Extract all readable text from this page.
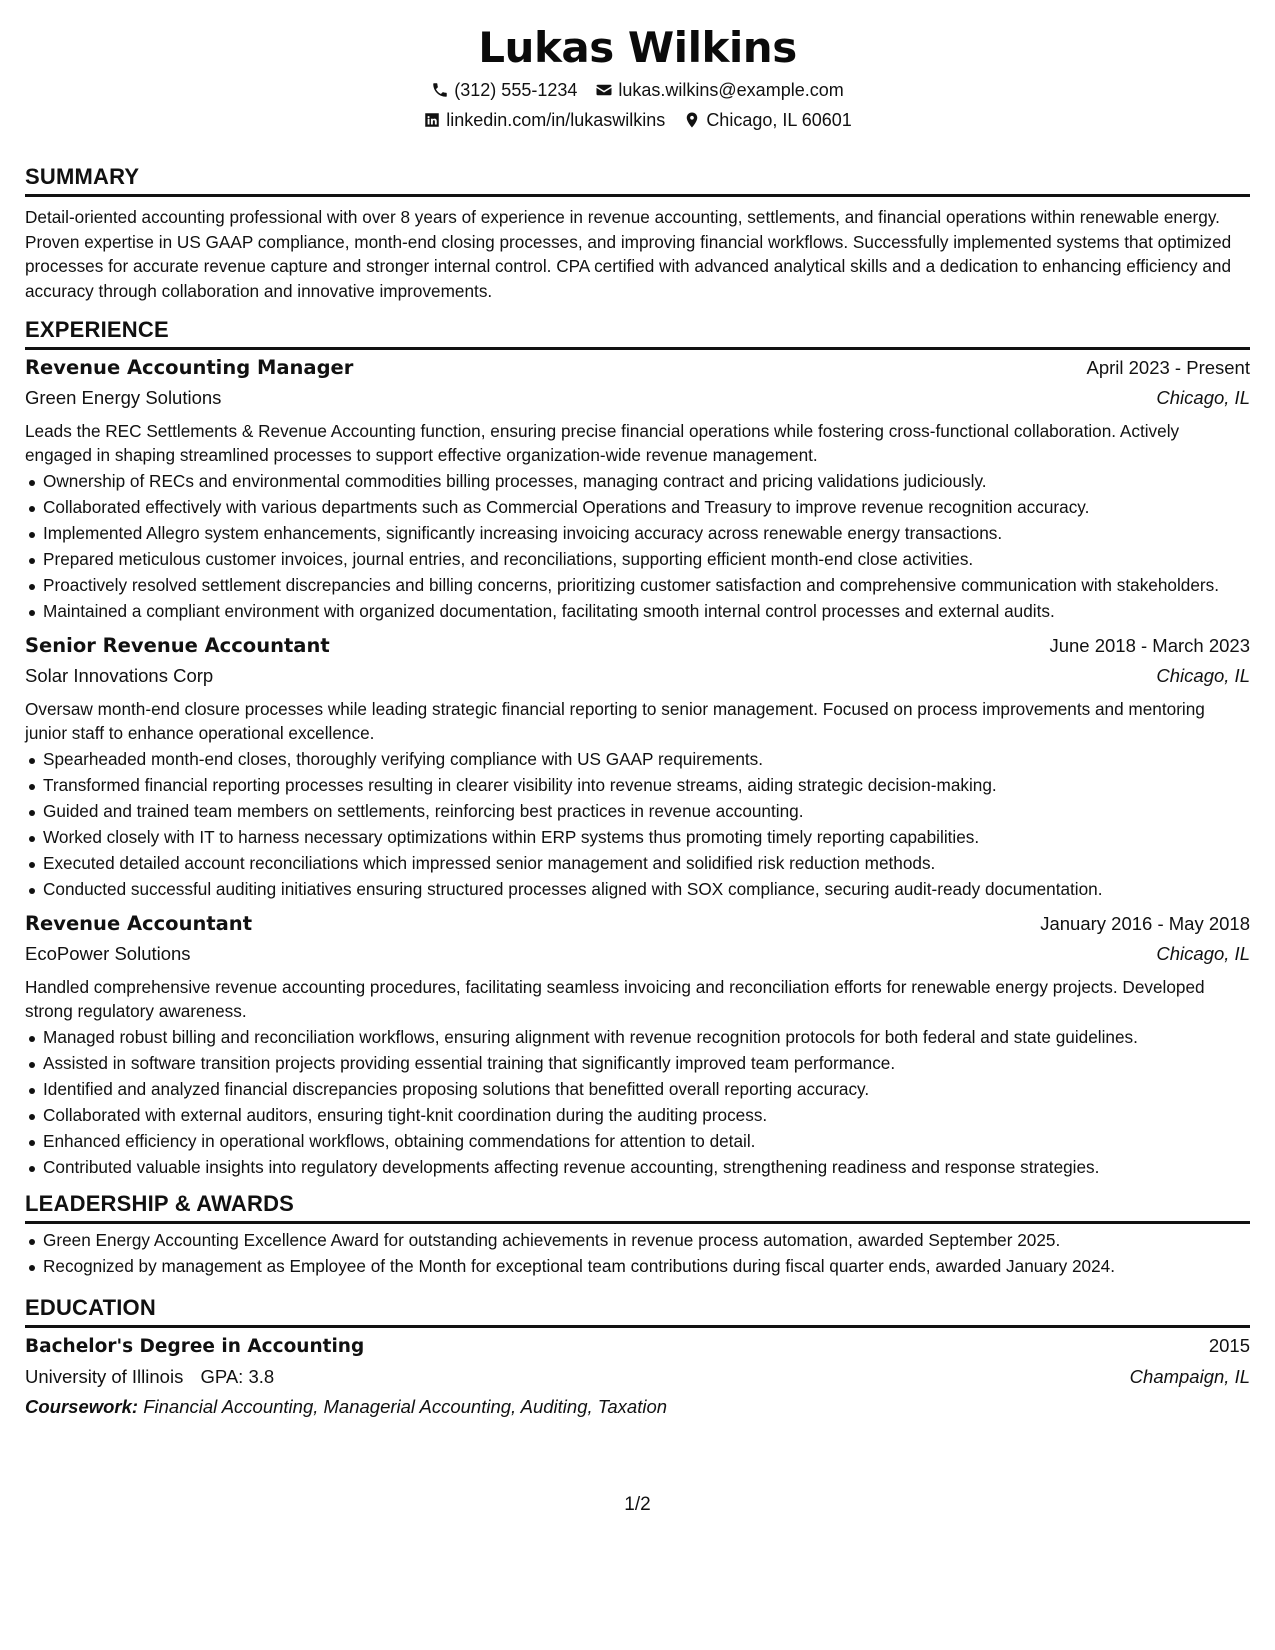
Lukas Wilkins
(312) 555-1234 lukas.wilkins@example.com
linkedin.com/in/lukaswilkins Chicago, IL 60601
SUMMARY
Detail-oriented accounting professional with over 8 years of experience in revenue accounting, settlements, and financial operations within renewable energy. Proven expertise in US GAAP compliance, month-end closing processes, and improving financial workflows. Successfully implemented systems that optimized processes for accurate revenue capture and stronger internal control. CPA certified with advanced analytical skills and a dedication to enhancing efficiency and accuracy through collaboration and innovative improvements.
EXPERIENCE
Revenue Accounting Manager	April 2023 - Present
Green Energy Solutions	Chicago, IL
Leads the REC Settlements & Revenue Accounting function, ensuring precise financial operations while fostering cross-functional collaboration. Actively engaged in shaping streamlined processes to support effective organization-wide revenue management.
Ownership of RECs and environmental commodities billing processes, managing contract and pricing validations judiciously.
Collaborated effectively with various departments such as Commercial Operations and Treasury to improve revenue recognition accuracy.
Implemented Allegro system enhancements, significantly increasing invoicing accuracy across renewable energy transactions.
Prepared meticulous customer invoices, journal entries, and reconciliations, supporting efficient month-end close activities.
Proactively resolved settlement discrepancies and billing concerns, prioritizing customer satisfaction and comprehensive communication with stakeholders.
Maintained a compliant environment with organized documentation, facilitating smooth internal control processes and external audits.
Senior Revenue Accountant	June 2018 - March 2023
Solar Innovations Corp	Chicago, IL
Oversaw month-end closure processes while leading strategic financial reporting to senior management. Focused on process improvements and mentoring junior staff to enhance operational excellence.
Spearheaded month-end closes, thoroughly verifying compliance with US GAAP requirements.
Transformed financial reporting processes resulting in clearer visibility into revenue streams, aiding strategic decision-making.
Guided and trained team members on settlements, reinforcing best practices in revenue accounting.
Worked closely with IT to harness necessary optimizations within ERP systems thus promoting timely reporting capabilities.
Executed detailed account reconciliations which impressed senior management and solidified risk reduction methods.
Conducted successful auditing initiatives ensuring structured processes aligned with SOX compliance, securing audit-ready documentation.
Revenue Accountant	January 2016 - May 2018
EcoPower Solutions	Chicago, IL
Handled comprehensive revenue accounting procedures, facilitating seamless invoicing and reconciliation efforts for renewable energy projects. Developed strong regulatory awareness.
Managed robust billing and reconciliation workflows, ensuring alignment with revenue recognition protocols for both federal and state guidelines.
Assisted in software transition projects providing essential training that significantly improved team performance.
Identified and analyzed financial discrepancies proposing solutions that benefitted overall reporting accuracy.
Collaborated with external auditors, ensuring tight-knit coordination during the auditing process.
Enhanced efficiency in operational workflows, obtaining commendations for attention to detail.
Contributed valuable insights into regulatory developments affecting revenue accounting, strengthening readiness and response strategies.
LEADERSHIP & AWARDS
Green Energy Accounting Excellence Award for outstanding achievements in revenue process automation, awarded September 2025.
Recognized by management as Employee of the Month for exceptional team contributions during fiscal quarter ends, awarded January 2024.
EDUCATION
Bachelor's Degree in Accounting	2015
University of Illinois GPA: 3.8	Champaign, IL
Coursework: Financial Accounting, Managerial Accounting, Auditing, Taxation
1/2
